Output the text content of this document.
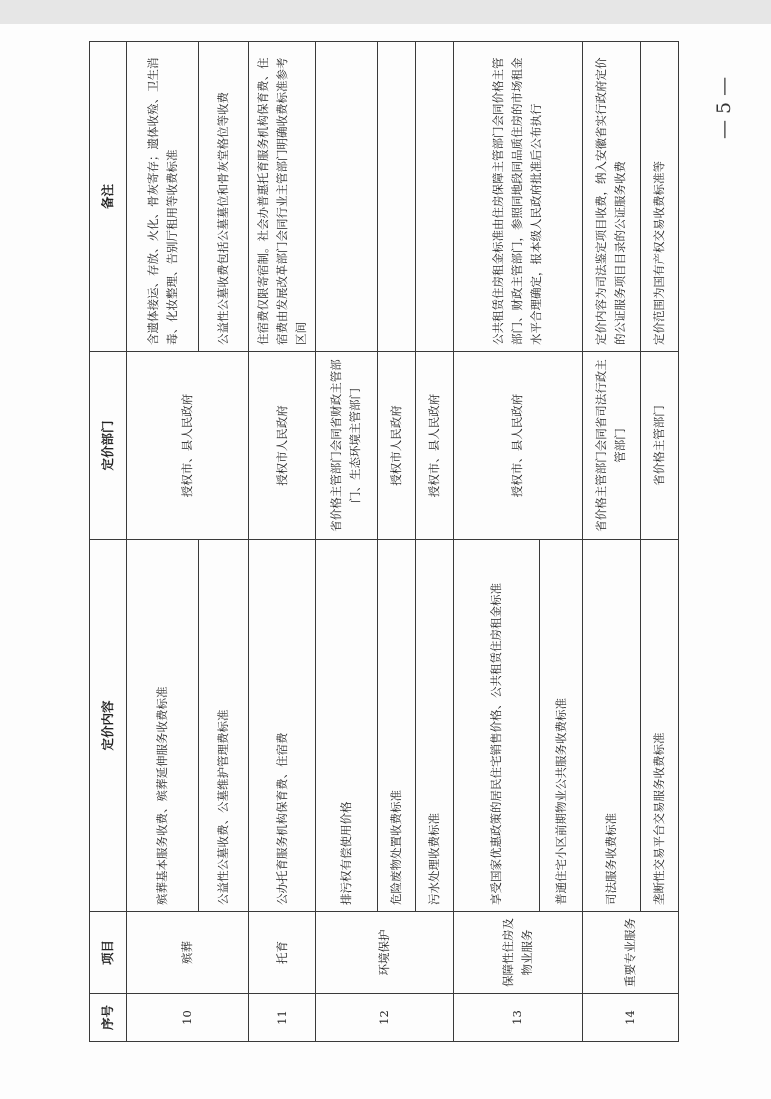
序号	项目	定价内容	定价部门	备注
10	殡葬	殡葬基本服务收费、殡葬延伸服务收费标准	授权市、县人民政府	含遗体接运、存放、火化、骨灰寄存；遗体收殓、卫生消毒、化妆整理、告别厅租用等收费标准
		公益性公墓收费、公墓维护管理费标准		公益性公墓收费包括公墓墓位和骨灰堂格位等收费
11	托育	公办托育服务机构保育费、住宿费	授权市人民政府	住宿费仅限寄宿制。社会办普惠托育服务机构保育费、住宿费由发展改革部门会同行业主管部门明确收费标准参考区间
12	环境保护	排污权有偿使用价格	省价格主管部门会同省财政主管部门、生态环境主管部门	
		危险废物处置收费标准	授权市人民政府	
		污水处理收费标准	授权市、县人民政府	
13	保障性住房及物业服务	享受国家优惠政策的居民住宅销售价格、公共租赁住房租金标准	授权市、县人民政府	公共租赁住房租金标准由住房保障主管部门会同价格主管部门、财政主管部门，参照同地段同品质住房的市场租金水平合理确定，报本级人民政府批准后公布执行
		普通住宅小区前期物业公共服务收费标准		
14	重要专业服务	司法服务收费标准	省价格主管部门会同省司法行政主管部门	定价内容为司法鉴定项目收费，纳入安徽省实行政府定价的公证服务项目目录的公证服务收费
		垄断性交易平台交易服务收费标准	省价格主管部门	定价范围为国有产权交易收费标准等
— 5 —
